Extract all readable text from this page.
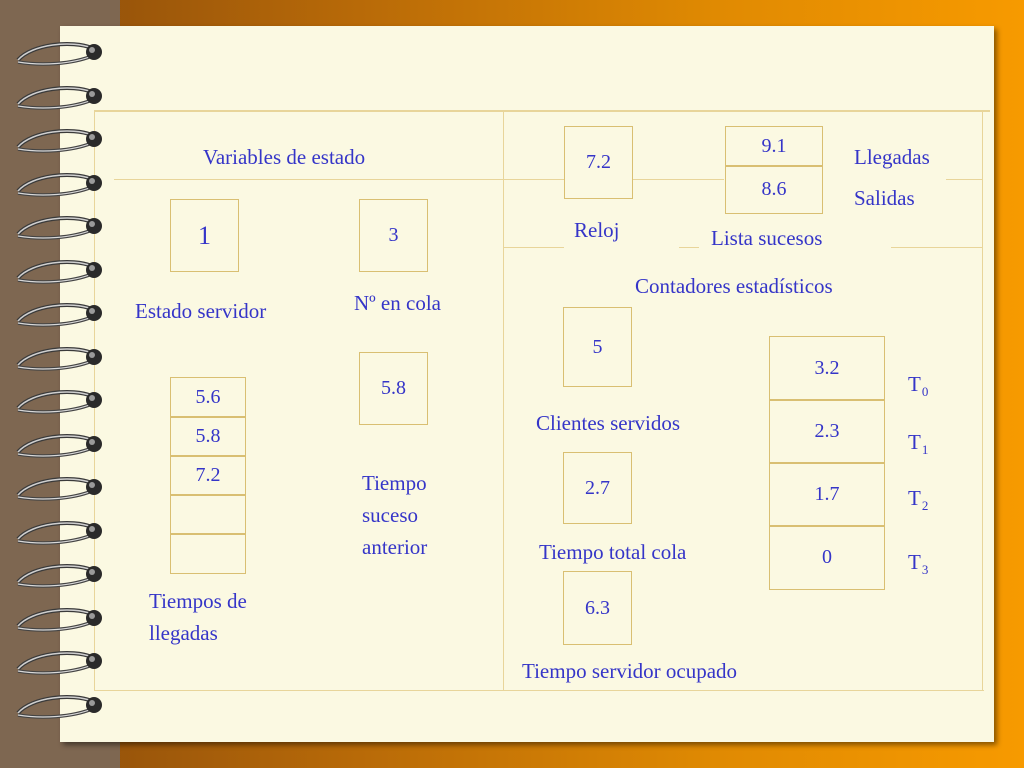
Variables de estado
1
Estado servidor
3
Nº en cola
5.6
5.8
7.2
Tiempos de llegadas
5.8
Tiempo suceso anterior
7.2
Reloj
9.1
8.6
Llegadas
Salidas
Lista sucesos
Contadores estadísticos
5
Clientes servidos
2.7
Tiempo total cola
6.3
Tiempo servidor ocupado
3.2
2.3
1.7
0
$T_0$
$T_1$
$T_2$
$T_3$
